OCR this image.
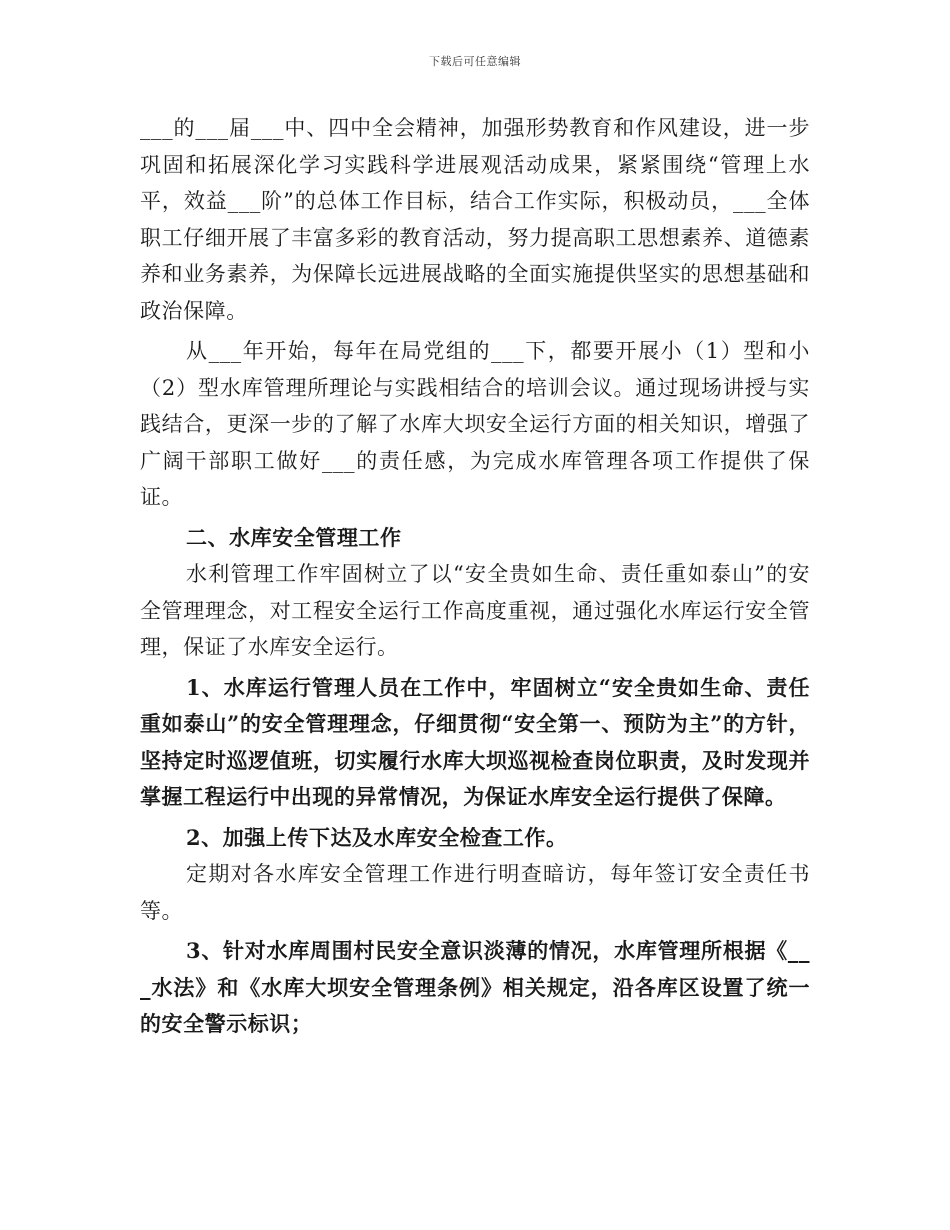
下载后可任意编辑

___的___届___中、四中全会精神，加强形势教育和作风建设，进一步巩固和拓展深化学习实践科学进展观活动成果，紧紧围绕“管理上水平，效益___阶”的总体工作目标，结合工作实际，积极动员，___全体职工仔细开展了丰富多彩的教育活动，努力提高职工思想素养、道德素养和业务素养，为保障长远进展战略的全面实施提供坚实的思想基础和政治保障。

从___年开始，每年在局党组的___下，都要开展小（1）型和小（2）型水库管理所理论与实践相结合的培训会议。通过现场讲授与实践结合，更深一步的了解了水库大坝安全运行方面的相关知识，增强了广阔干部职工做好___的责任感，为完成水库管理各项工作提供了保证。

二、水库安全管理工作

水利管理工作牢固树立了以“安全贵如生命、责任重如泰山”的安全管理理念，对工程安全运行工作高度重视，通过强化水库运行安全管理，保证了水库安全运行。

1、水库运行管理人员在工作中，牢固树立“安全贵如生命、责任重如泰山”的安全管理理念，仔细贯彻“安全第一、预防为主”的方针，坚持定时巡逻值班，切实履行水库大坝巡视检查岗位职责，及时发现并掌握工程运行中出现的异常情况，为保证水库安全运行提供了保障。

2、加强上传下达及水库安全检查工作。

定期对各水库安全管理工作进行明查暗访，每年签订安全责任书等。

3、针对水库周围村民安全意识淡薄的情况，水库管理所根据《___水法》和《水库大坝安全管理条例》相关规定，沿各库区设置了统一的安全警示标识；
